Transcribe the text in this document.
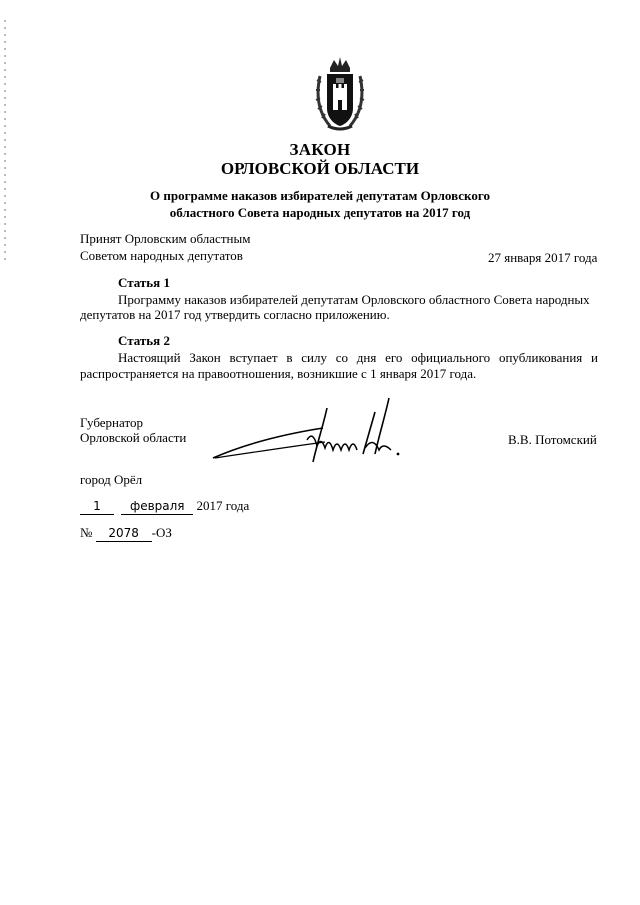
ЗАКОН
ОРЛОВСКОЙ ОБЛАСТИ
О программе наказов избирателей депутатам Орловского
областного Совета народных депутатов на 2017 год
Принят Орловским областным
Советом народных депутатов	27 января 2017 года
Статья 1
Программу наказов избирателей депутатам Орловского областного Совета народных
депутатов на 2017 год утвердить согласно приложению.
Статья 2
Настоящий Закон вступает в силу со дня его официального опубликования и
распространяется на правоотношения, возникшие с 1 января 2017 года.
Губернатор
Орловской области	В.В. Потомский
город Орёл
1 февраля 2017 года
№ 2078 -ОЗ
